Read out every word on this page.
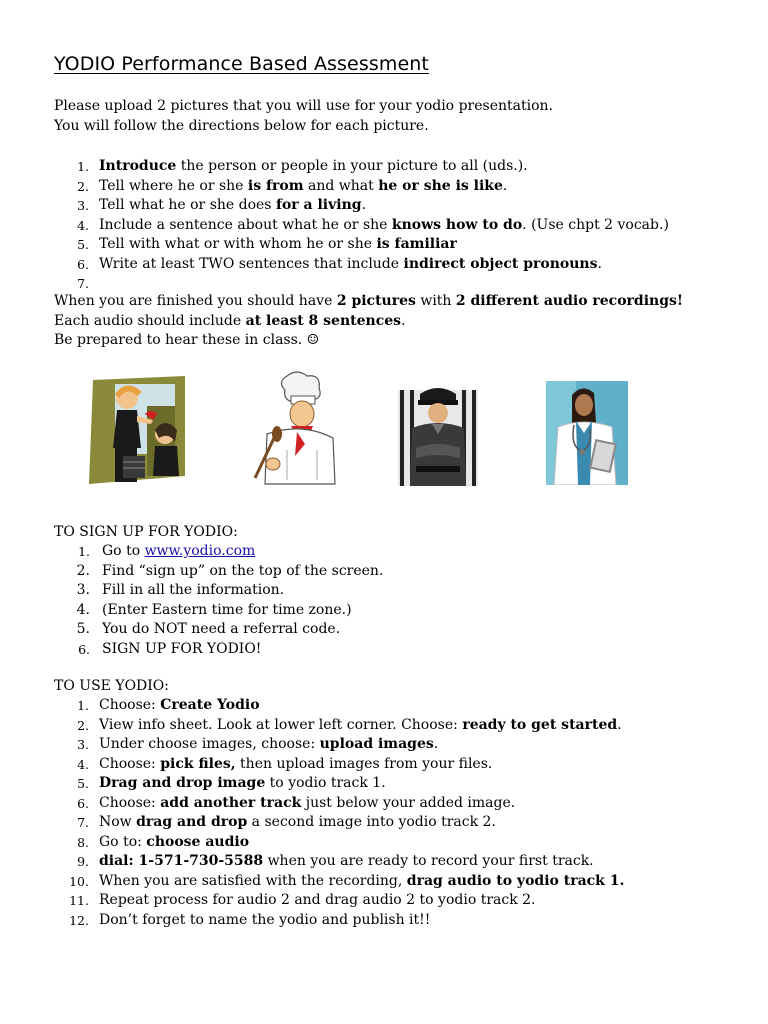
YODIO Performance Based Assessment
Please upload 2 pictures that you will use for your yodio presentation.
You will follow the directions below for each picture.
1. Introduce the person or people in your picture to all (uds.).
2. Tell where he or she is from and what he or she is like.
3. Tell what he or she does for a living.
4. Include a sentence about what he or she knows how to do. (Use chpt 2 vocab.)
5. Tell with what or with whom he or she is familiar
6. Write at least TWO sentences that include indirect object pronouns.
7.
When you are finished you should have 2 pictures with 2 different audio recordings!
Each audio should include at least 8 sentences.
Be prepared to hear these in class. ☺
TO SIGN UP FOR YODIO:
1. Go to www.yodio.com
2. Find “sign up” on the top of the screen.
3. Fill in all the information.
4. (Enter Eastern time for time zone.)
5. You do NOT need a referral code.
6. SIGN UP FOR YODIO!
TO USE YODIO:
1. Choose: Create Yodio
2. View info sheet. Look at lower left corner. Choose: ready to get started.
3. Under choose images, choose: upload images.
4. Choose: pick files, then upload images from your files.
5. Drag and drop image to yodio track 1.
6. Choose: add another track just below your added image.
7. Now drag and drop a second image into yodio track 2.
8. Go to: choose audio
9. dial: 1-571-730-5588 when you are ready to record your first track.
10. When you are satisfied with the recording, drag audio to yodio track 1.
11. Repeat process for audio 2 and drag audio 2 to yodio track 2.
12. Don’t forget to name the yodio and publish it!!
